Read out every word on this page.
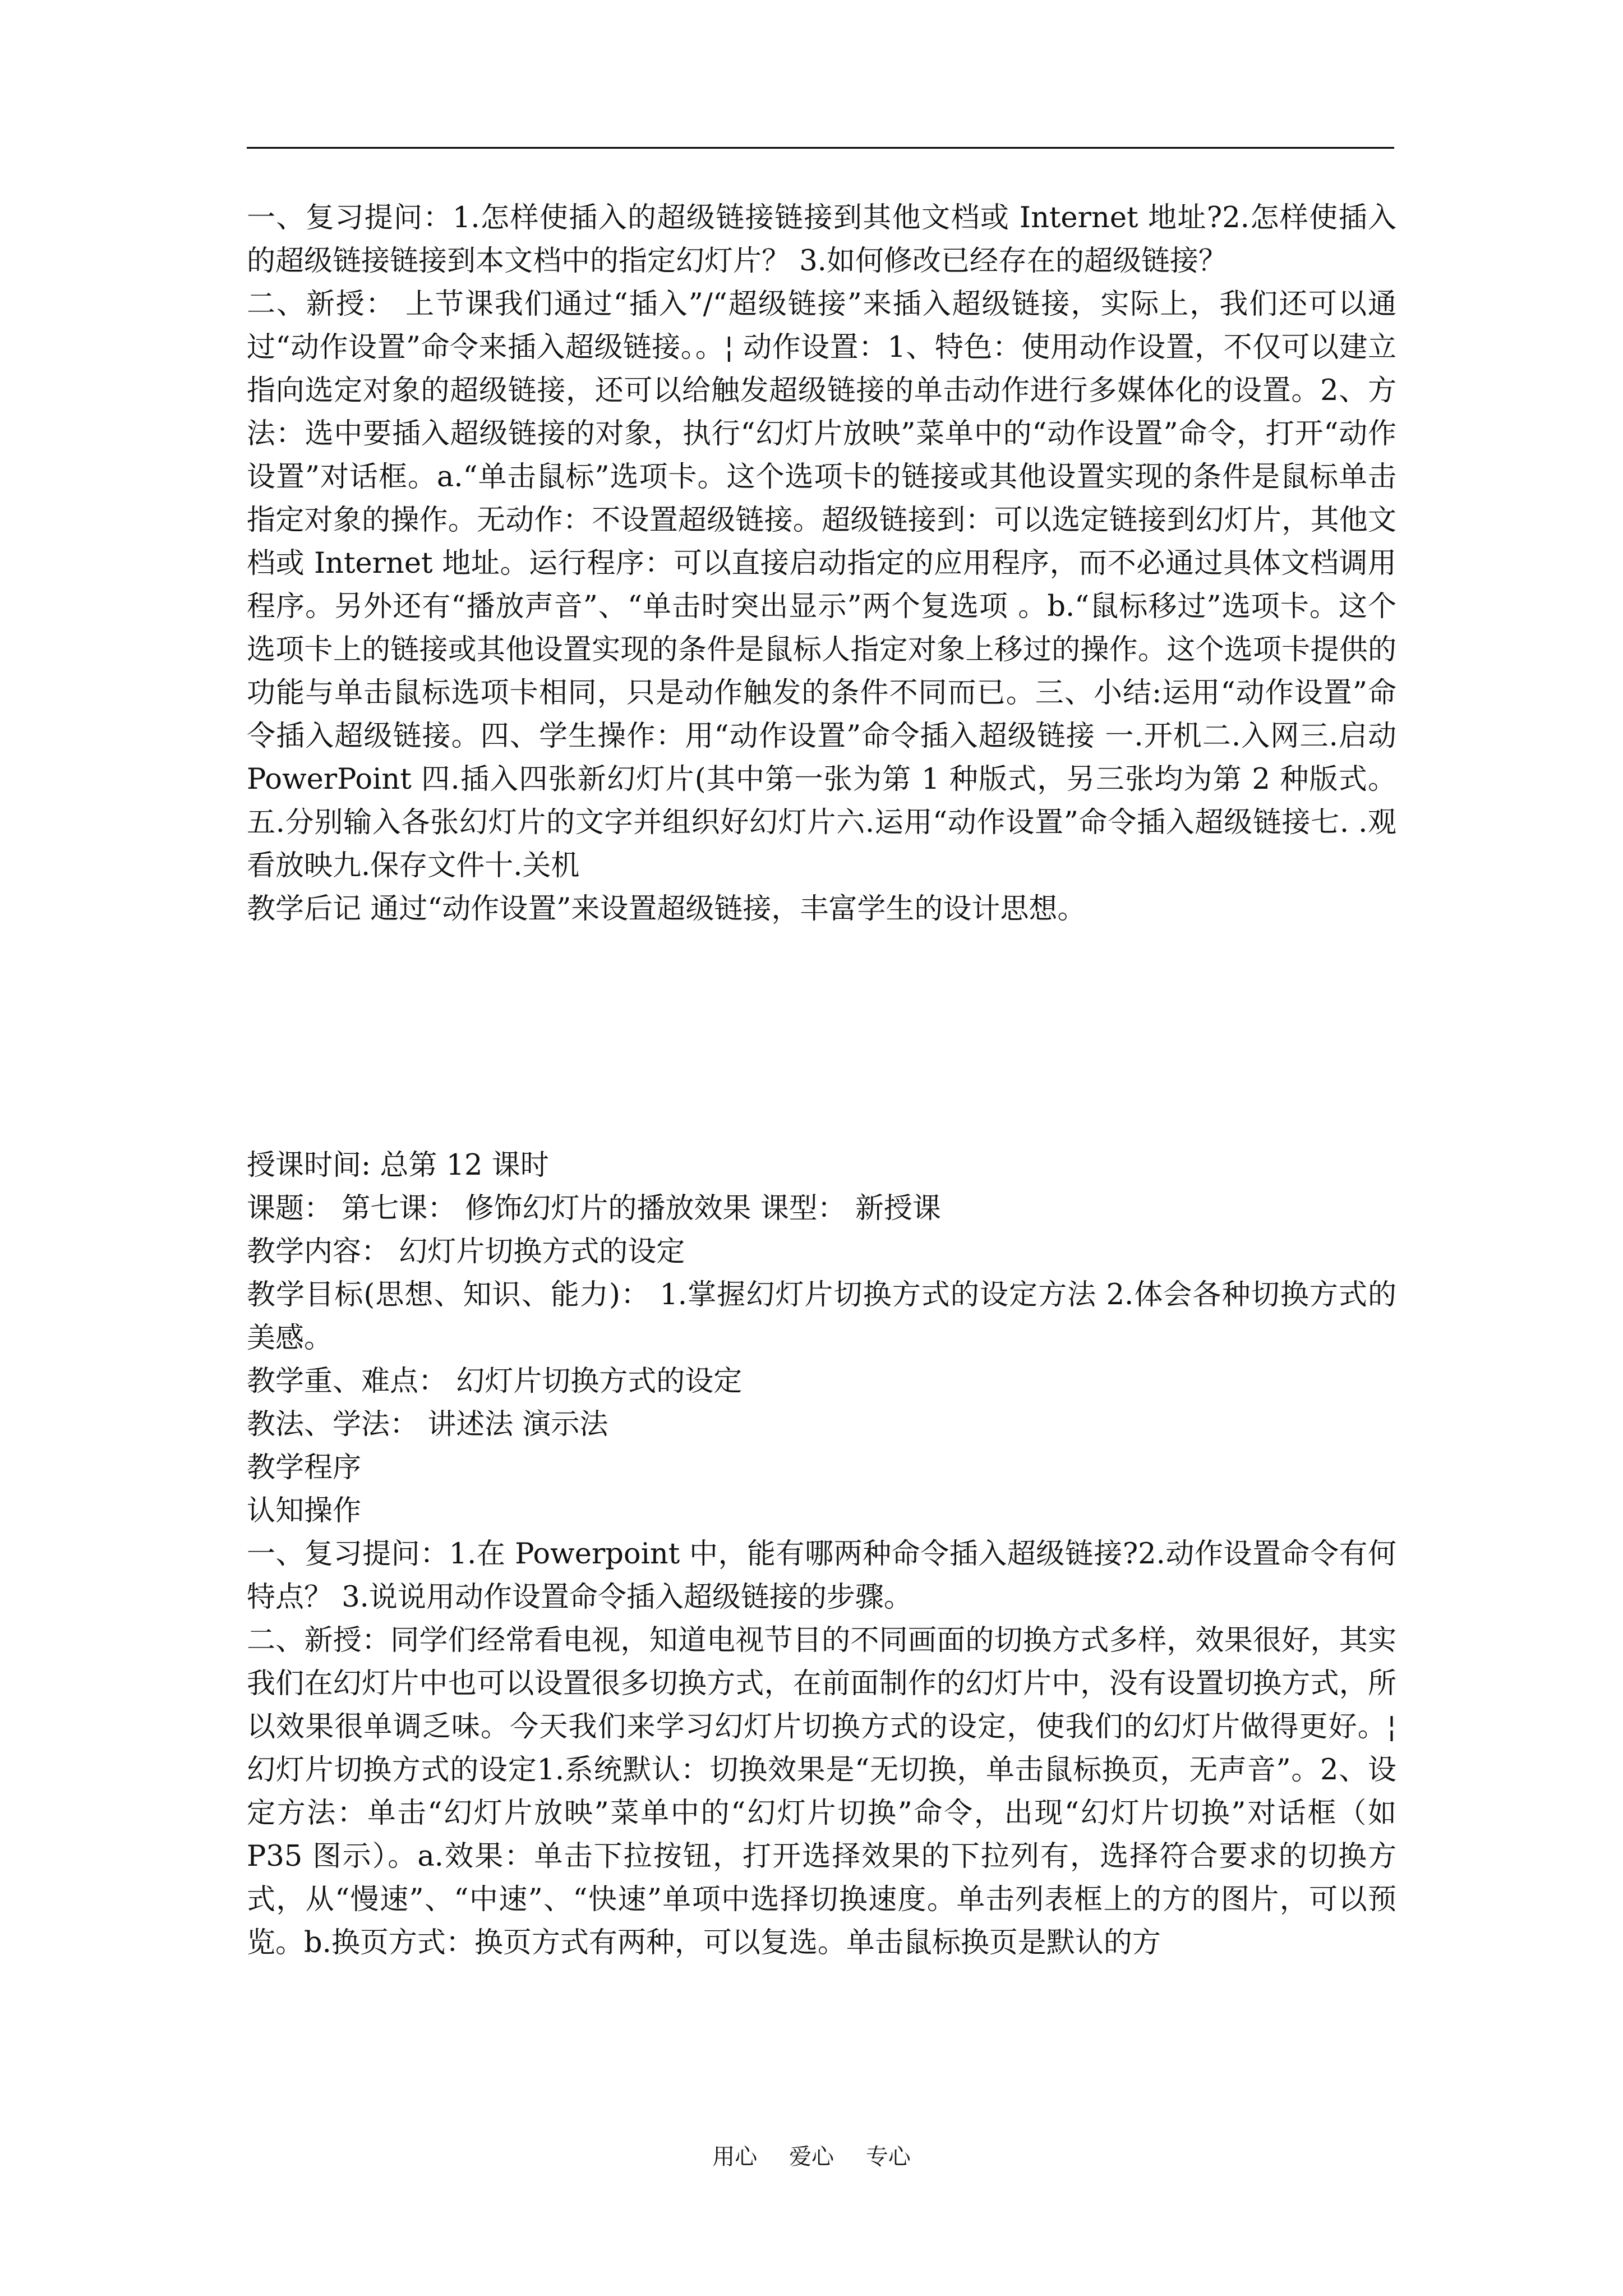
一、复习提问：1.怎样使插入的超级链接链接到其他文档或 Internet 地址?2.怎样使插入的超级链接链接到本文档中的指定幻灯片？ 3.如何修改已经存在的超级链接？

二、新授： 上节课我们通过“插入”/“超级链接”来插入超级链接，实际上，我们还可以通过“动作设置”命令来插入超级链接。。¦ 动作设置：1、特色：使用动作设置，不仅可以建立指向选定对象的超级链接，还可以给触发超级链接的单击动作进行多媒体化的设置。2、方法：选中要插入超级链接的对象，执行“幻灯片放映”菜单中的“动作设置”命令，打开“动作设置”对话框。a.“单击鼠标”选项卡。这个选项卡的链接或其他设置实现的条件是鼠标单击指定对象的操作。无动作：不设置超级链接。超级链接到：可以选定链接到幻灯片，其他文档或 Internet 地址。运行程序：可以直接启动指定的应用程序，而不必通过具体文档调用程序。另外还有“播放声音”、“单击时突出显示”两个复选项 。b.“鼠标移过”选项卡。这个选项卡上的链接或其他设置实现的条件是鼠标人指定对象上移过的操作。这个选项卡提供的功能与单击鼠标选项卡相同，只是动作触发的条件不同而已。三、小结:运用“动作设置”命令插入超级链接。四、学生操作：用“动作设置”命令插入超级链接 一.开机二.入网三.启动 PowerPoint 四.插入四张新幻灯片(其中第一张为第 1 种版式，另三张均为第 2 种版式。五.分别输入各张幻灯片的文字并组织好幻灯片六.运用“动作设置”命令插入超级链接七. .观看放映九.保存文件十.关机

教学后记 通过“动作设置”来设置超级链接，丰富学生的设计思想。

授课时间: 总第 12 课时

课题： 第七课： 修饰幻灯片的播放效果 课型： 新授课

教学内容： 幻灯片切换方式的设定

教学目标(思想、知识、能力)： 1.掌握幻灯片切换方式的设定方法 2.体会各种切换方式的美感。

教学重、难点： 幻灯片切换方式的设定

教法、学法： 讲述法 演示法

教学程序

认知操作

一、复习提问：1.在 Powerpoint 中，能有哪两种命令插入超级链接?2.动作设置命令有何特点？ 3.说说用动作设置命令插入超级链接的步骤。

二、新授：同学们经常看电视，知道电视节目的不同画面的切换方式多样，效果很好，其实我们在幻灯片中也可以设置很多切换方式，在前面制作的幻灯片中，没有设置切换方式，所以效果很单调乏味。今天我们来学习幻灯片切换方式的设定，使我们的幻灯片做得更好。¦幻灯片切换方式的设定1.系统默认：切换效果是“无切换，单击鼠标换页，无声音”。2、设定方法：单击“幻灯片放映”菜单中的“幻灯片切换”命令，出现“幻灯片切换”对话框（如 P35 图示）。a.效果：单击下拉按钮，打开选择效果的下拉列有，选择符合要求的切换方式，从“慢速”、“中速”、“快速”单项中选择切换速度。单击列表框上的方的图片，可以预览。b.换页方式：换页方式有两种，可以复选。单击鼠标换页是默认的方

用心 爱心 专心
